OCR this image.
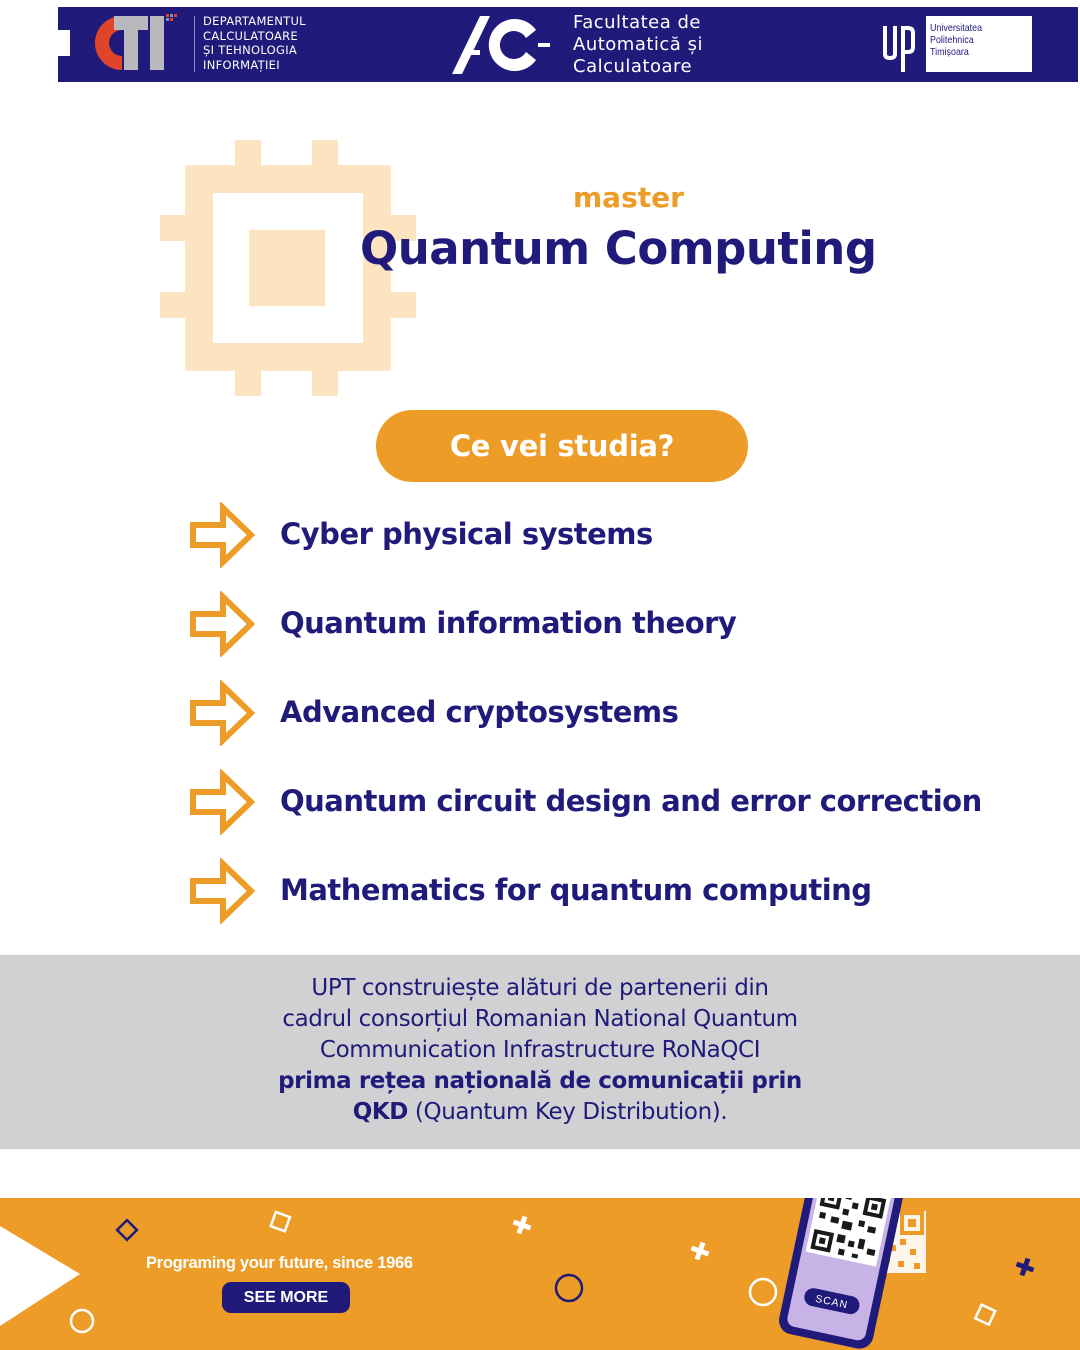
CTI
DEPARTAMENTUL
CALCULATOARE
ȘI TEHNOLOGIA
INFORMAȚIEI
AC
Facultatea de
Automatică și
Calculatoare	UPT
Universitatea
Politehnica
Timișoara
master
Quantum Computing
Ce vei studia?
Cyber physical systems
Quantum information theory
Advanced cryptosystems
Quantum circuit design and error correction
Mathematics for quantum computing
UPT construiește alături de partenerii din
cadrul consorțiul Romanian National Quantum
Communication Infrastructure RoNaQCI
prima rețea națională de comunicații prin
QKD (Quantum Key Distribution).
Programing your future, since 1966
SEE MORE	SCAN
